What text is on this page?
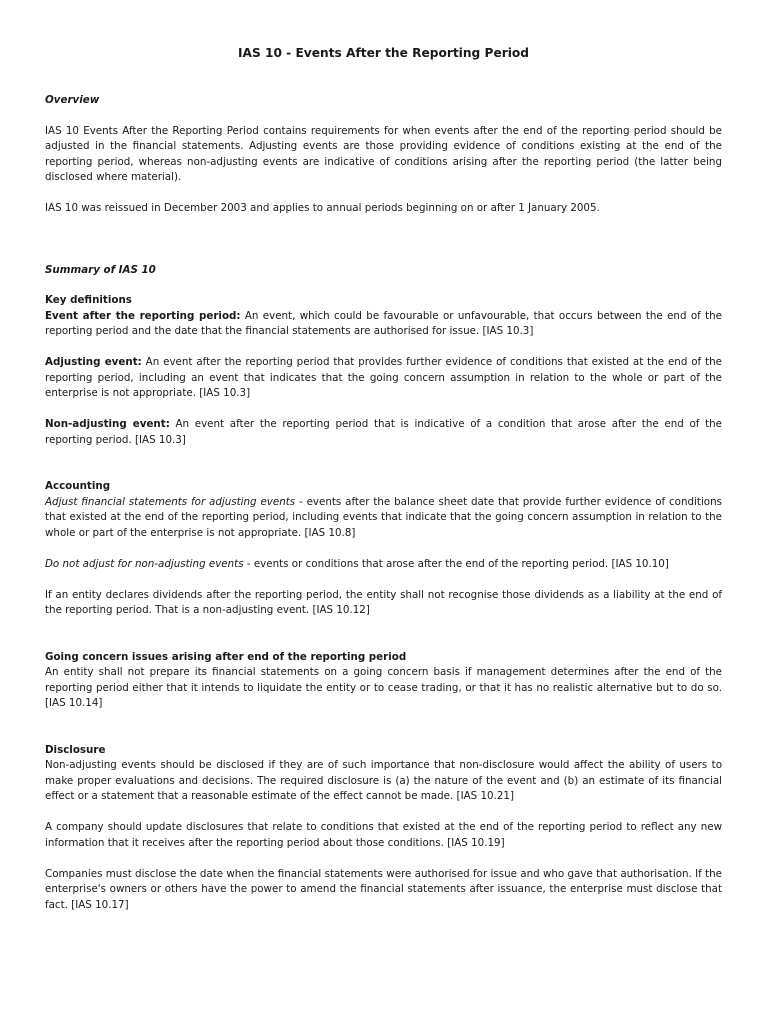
IAS 10 - Events After the Reporting Period
Overview

IAS 10 Events After the Reporting Period contains requirements for when events after the end of the reporting period should be adjusted in the financial statements. Adjusting events are those providing evidence of conditions existing at the end of the reporting period, whereas non-adjusting events are indicative of conditions arising after the reporting period (the latter being disclosed where material).

IAS 10 was reissued in December 2003 and applies to annual periods beginning on or after 1 January 2005.

Summary of IAS 10
Key definitions

Event after the reporting period: An event, which could be favourable or unfavourable, that occurs between the end of the reporting period and the date that the financial statements are authorised for issue. [IAS 10.3]

Adjusting event: An event after the reporting period that provides further evidence of conditions that existed at the end of the reporting period, including an event that indicates that the going concern assumption in relation to the whole or part of the enterprise is not appropriate. [IAS 10.3]

Non-adjusting event: An event after the reporting period that is indicative of a condition that arose after the end of the reporting period. [IAS 10.3]

Accounting

Adjust financial statements for adjusting events - events after the balance sheet date that provide further evidence of conditions that existed at the end of the reporting period, including events that indicate that the going concern assumption in relation to the whole or part of the enterprise is not appropriate. [IAS 10.8]

Do not adjust for non-adjusting events - events or conditions that arose after the end of the reporting period. [IAS 10.10]

If an entity declares dividends after the reporting period, the entity shall not recognise those dividends as a liability at the end of the reporting period. That is a non-adjusting event. [IAS 10.12]

Going concern issues arising after end of the reporting period

An entity shall not prepare its financial statements on a going concern basis if management determines after the end of the reporting period either that it intends to liquidate the entity or to cease trading, or that it has no realistic alternative but to do so. [IAS 10.14]

Disclosure

Non-adjusting events should be disclosed if they are of such importance that non-disclosure would affect the ability of users to make proper evaluations and decisions. The required disclosure is (a) the nature of the event and (b) an estimate of its financial effect or a statement that a reasonable estimate of the effect cannot be made. [IAS 10.21]

A company should update disclosures that relate to conditions that existed at the end of the reporting period to reflect any new information that it receives after the reporting period about those conditions. [IAS 10.19]

Companies must disclose the date when the financial statements were authorised for issue and who gave that authorisation. If the enterprise's owners or others have the power to amend the financial statements after issuance, the enterprise must disclose that fact. [IAS 10.17]
